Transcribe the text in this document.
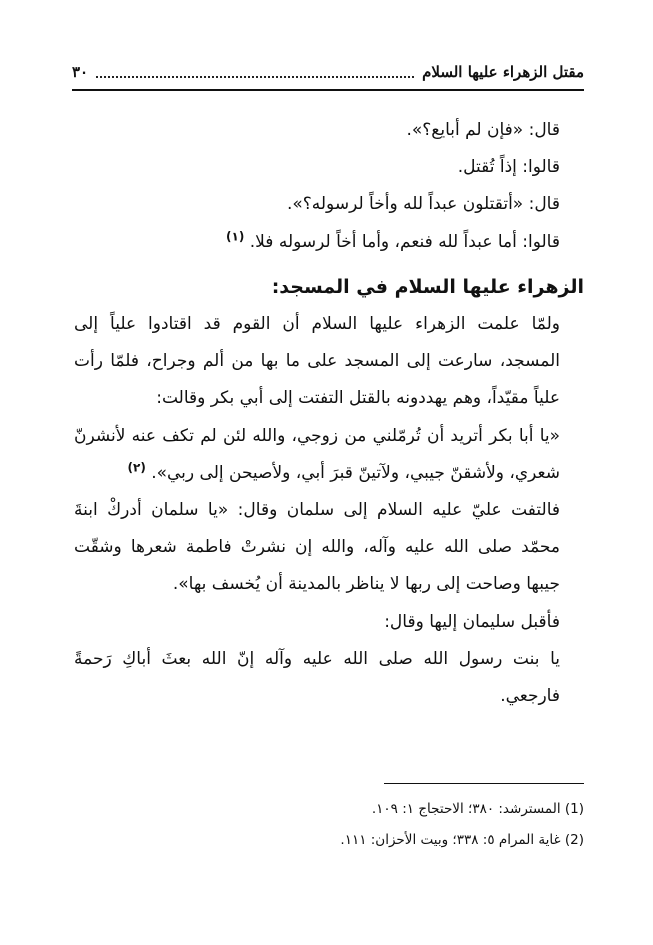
مقتل الزهراء عليها السلام
٣٠

قال: «فإن لم أبايع؟».

قالوا: إذاً تُقتل.

قال: «أتقتلون عبداً لله وأخاً لرسوله؟».

قالوا: أما عبداً لله فنعم، وأما أخاً لرسوله فلا. $^{(١)}$

الزهراء عليها السلام في المسجد:

ولمّا علمت الزهراء عليها السلام أن القوم قد اقتادوا علياً إلى المسجد، سارعت إلى المسجد على ما بها من ألم وجراح، فلمّا رأت علياً مقيّداً، وهم يهددونه بالقتل التفتت إلى أبي بكر وقالت:

«يا أبا بكر أتريد أن تُرمّلني من زوجي، والله لئن لم تكف عنه لأنشرنّ شعري، ولأشقنّ جيبي، ولآتينّ قبرَ أبي، ولأصيحن إلى ربي». $^{(٢)}$

فالتفت عليّ عليه السلام إلى سلمان وقال: «يا سلمان أدركْ ابنةَ محمّد صلى الله عليه وآله، والله إن نشرتْ فاطمة شعرها وشقّت جيبها وصاحت إلى ربها لا يناظر بالمدينة أن يُخسف بها».

فأقبل سليمان إليها وقال:

يا بنت رسول الله صلى الله عليه وآله إنّ الله بعثَ أباكِ رَحمةً فارجعي.

(1) المسترشد: ٣٨٠؛ الاحتجاج ١: ١٠٩.

(2) غاية المرام ٥: ٣٣٨؛ وبيت الأحزان: ١١١.
